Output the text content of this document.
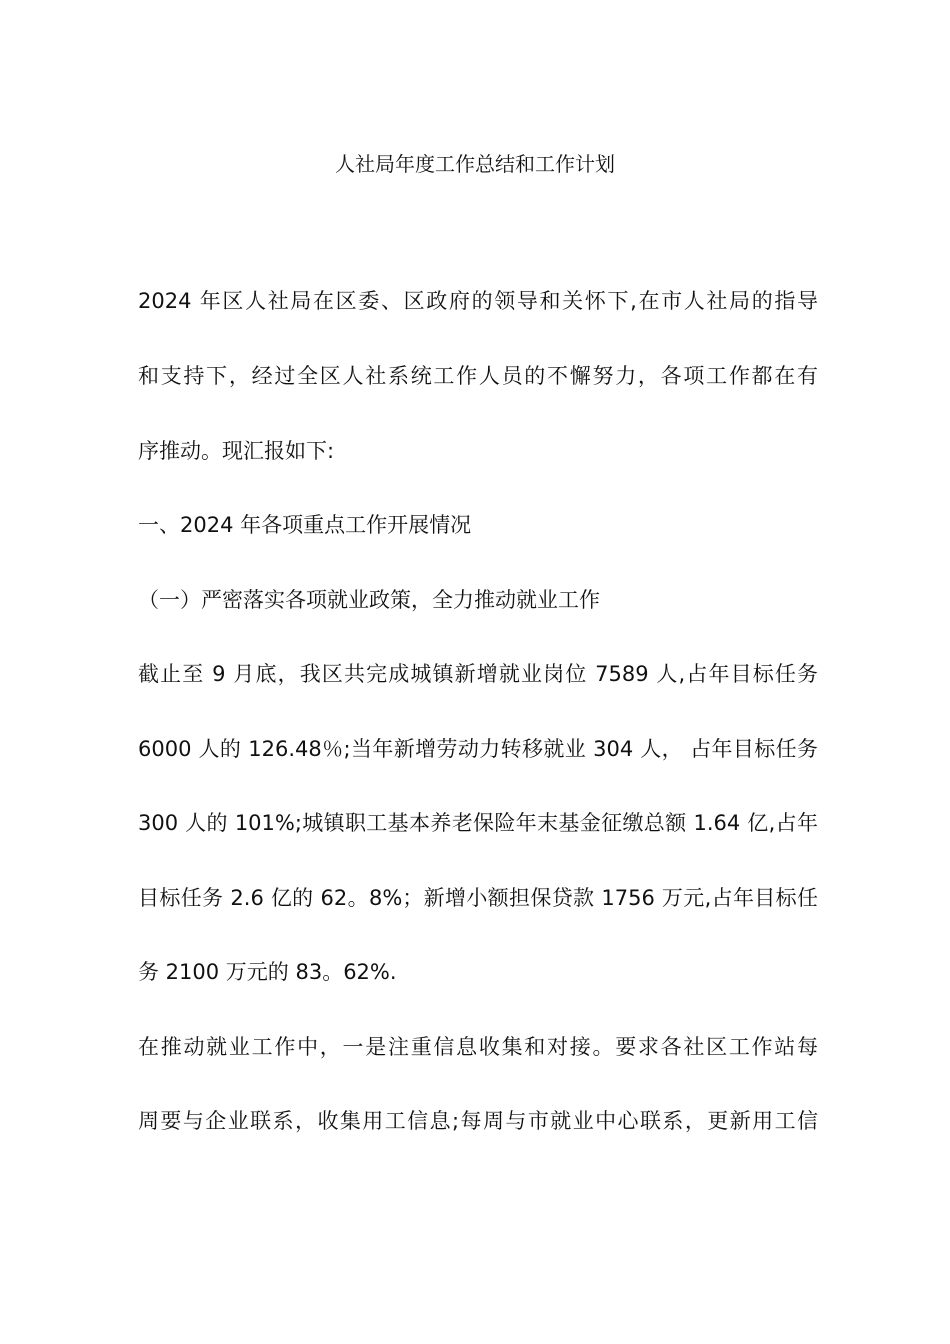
人社局年度工作总结和工作计划
2024 年区人社局在区委、区政府的领导和关怀下,在市人社局的指导
和支持下，经过全区人社系统工作人员的不懈努力，各项工作都在有
序推动。现汇报如下:
一、2024 年各项重点工作开展情况
（一）严密落实各项就业政策，全力推动就业工作
截止至 9 月底，我区共完成城镇新增就业岗位 7589 人,占年目标任务
6000 人的 126.48％;当年新增劳动力转移就业 304 人， 占年目标任务
300 人的 101%;城镇职工基本养老保险年末基金征缴总额 1.64 亿,占年
目标任务 2.6 亿的 62。8%；新增小额担保贷款 1756 万元,占年目标任
务 2100 万元的 83。62%.
在推动就业工作中，一是注重信息收集和对接。要求各社区工作站每
周要与企业联系，收集用工信息;每周与市就业中心联系，更新用工信
